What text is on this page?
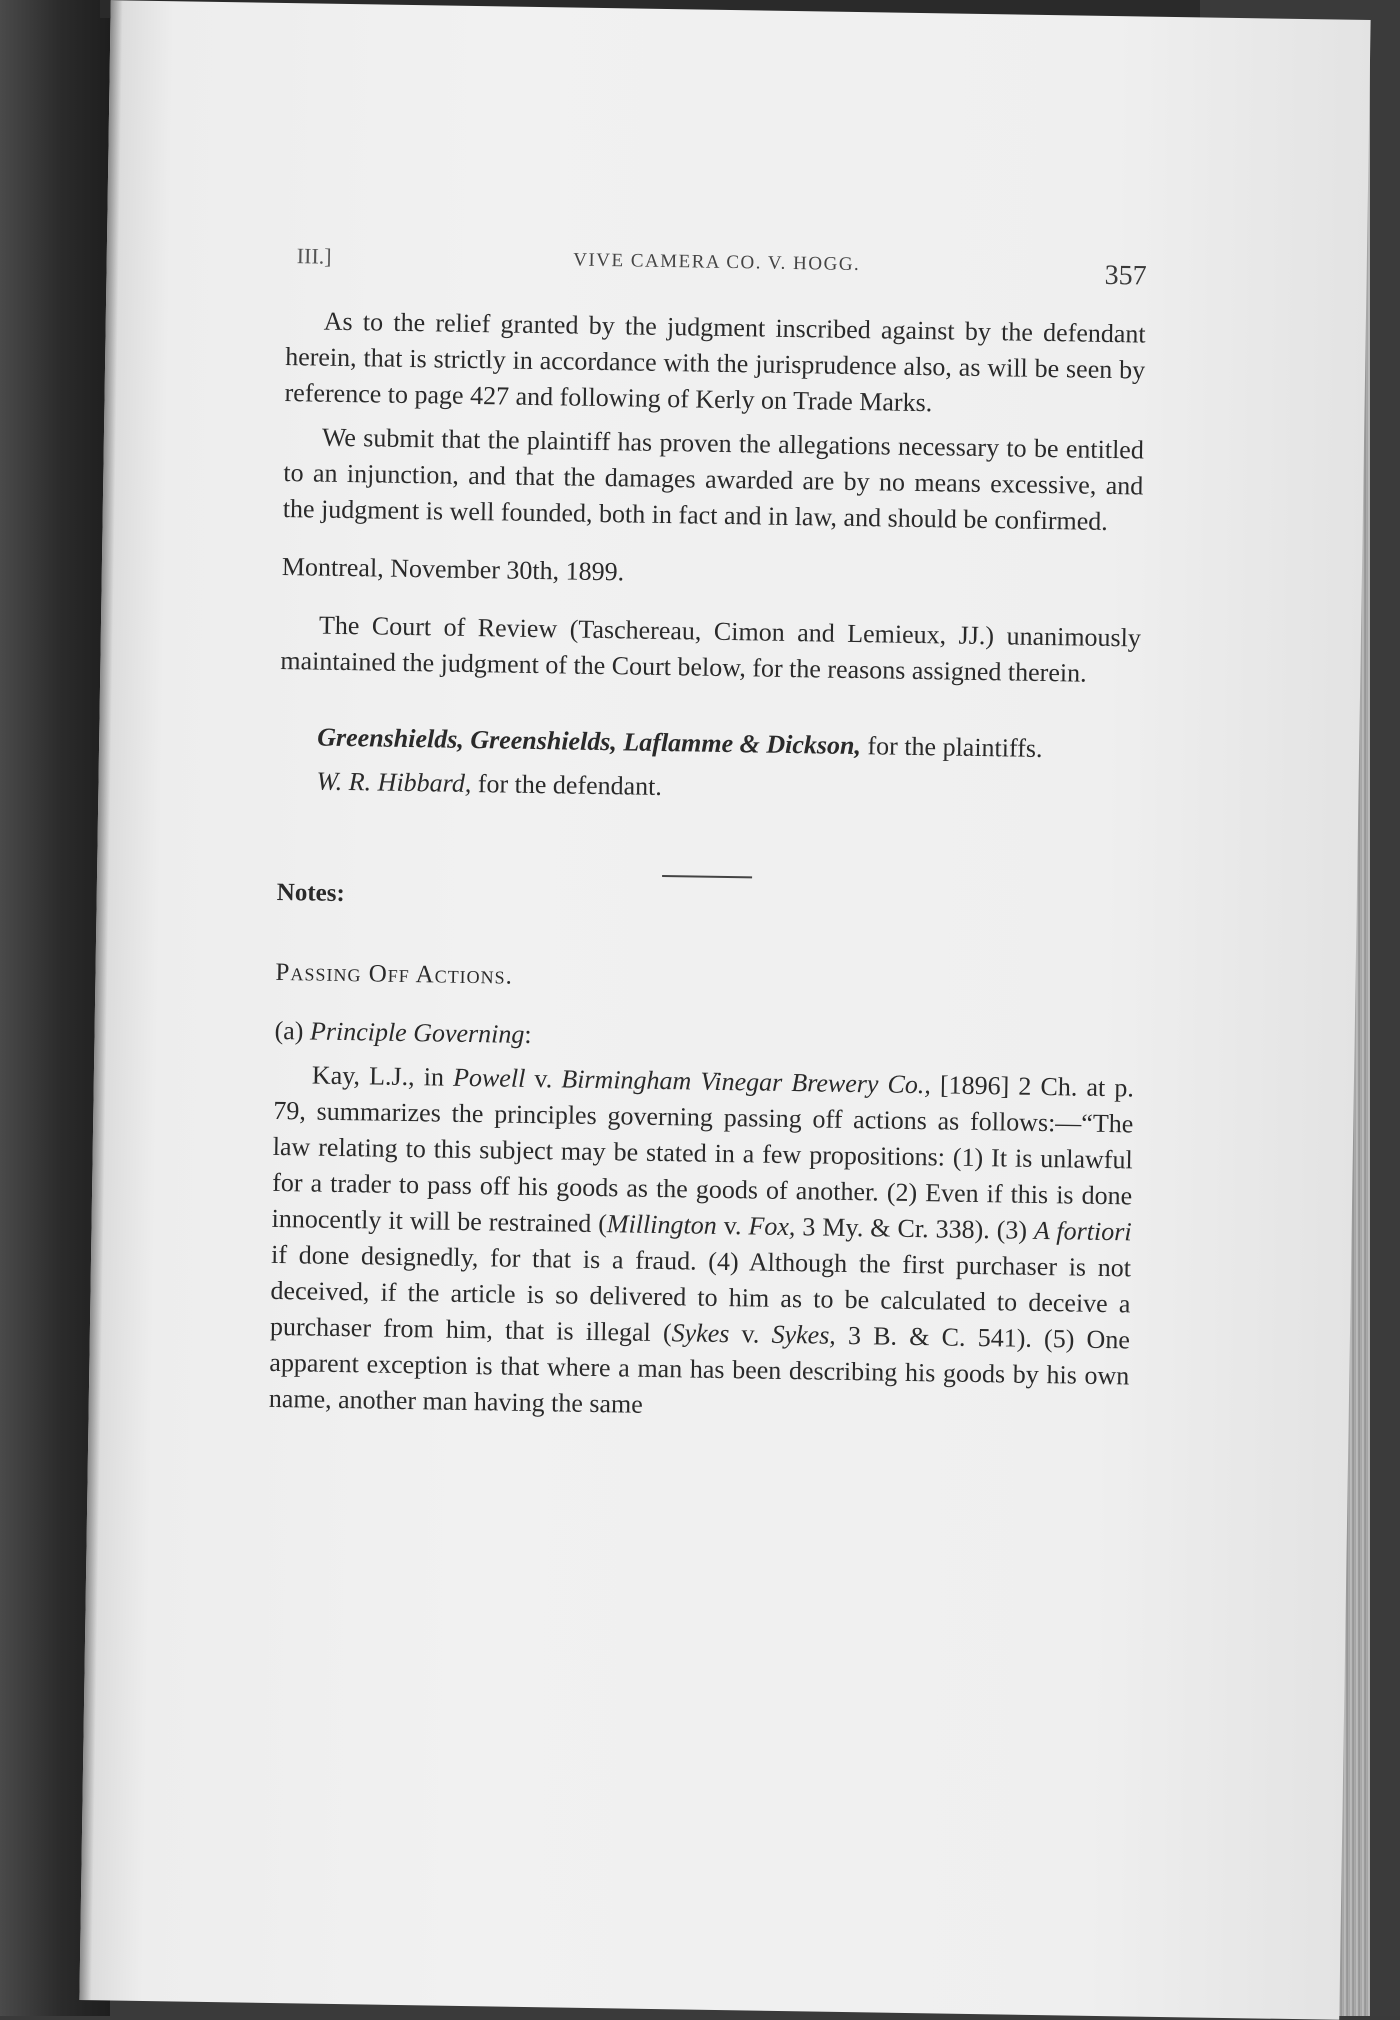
III.]	VIVE CAMERA CO. V. HOGG.	357

As to the relief granted by the judgment inscribed against by the defendant herein, that is strictly in accordance with the jurisprudence also, as will be seen by reference to page 427 and following of Kerly on Trade Marks.

We submit that the plaintiff has proven the allegations necessary to be entitled to an injunction, and that the damages awarded are by no means excessive, and the judgment is well founded, both in fact and in law, and should be confirmed.

Montreal, November 30th, 1899.

The Court of Review (Taschereau, Cimon and Lemieux, JJ.) unanimously maintained the judgment of the Court below, for the reasons assigned therein.

Greenshields, Greenshields, Laflamme & Dickson, for the plaintiffs.

W. R. Hibbard, for the defendant.

Notes:

Passing Off Actions.

(a) Principle Governing:

Kay, L.J., in Powell v. Birmingham Vinegar Brewery Co., [1896] 2 Ch. at p. 79, summarizes the principles governing passing off actions as follows:—“The law relating to this subject may be stated in a few propositions: (1) It is unlawful for a trader to pass off his goods as the goods of another. (2) Even if this is done innocently it will be restrained (Millington v. Fox, 3 My. & Cr. 338). (3) A fortiori if done designedly, for that is a fraud. (4) Although the first purchaser is not deceived, if the article is so delivered to him as to be calculated to deceive a purchaser from him, that is illegal (Sykes v. Sykes, 3 B. & C. 541). (5) One apparent exception is that where a man has been describing his goods by his own name, another man having the same
